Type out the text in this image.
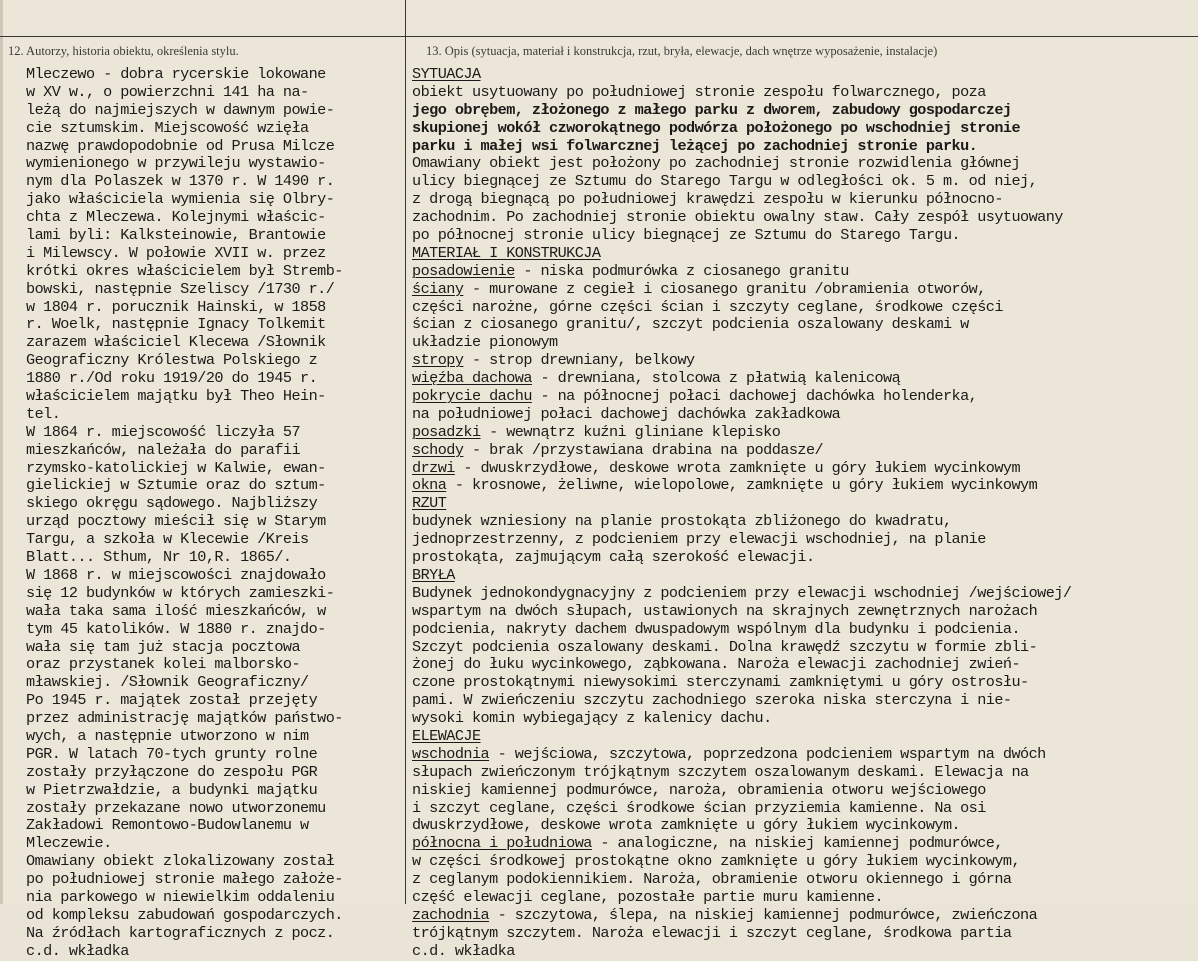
12. Autorzy, historia obiektu, określenia stylu.	13. Opis (sytuacja, materiał i konstrukcja, rzut, bryła, elewacje, dach wnętrze wyposażenie, instalacje)
Mleczewo - dobra rycerskie lokowane
w XV w., o powierzchni 141 ha na-
leżą do najmiejszych w dawnym powie-
cie sztumskim. Miejscowość wzięła
nazwę prawdopodobnie od Prusa Milcze
wymienionego w przywileju wystawio-
nym dla Polaszek w 1370 r. W 1490 r.
jako właściciela wymienia się Olbry-
chta z Mleczewa. Kolejnymi właścic-
lami byli: Kalksteinowie, Brantowie
i Milewscy. W połowie XVII w. przez
krótki okres właścicielem był Stremb-
bowski, następnie Szeliscy /1730 r./
w 1804 r. porucznik Hainski, w 1858
r. Woelk, następnie Ignacy Tolkemit
zarazem właściciel Klecewa /Słownik
Geograficzny Królestwa Polskiego z
1880 r./Od roku 1919/20 do 1945 r.
właścicielem majątku był Theo Hein-
tel.
W 1864 r. miejscowość liczyła 57
mieszkańców, należała do parafii
rzymsko-katolickiej w Kalwie, ewan-
gielickiej w Sztumie oraz do sztum-
skiego okręgu sądowego. Najbliższy
urząd pocztowy mieścił się w Starym
Targu, a szkoła w Klecewie /Kreis
Blatt... Sthum, Nr 10,R. 1865/.
W 1868 r. w miejscowości znajdowało
się 12 budynków w których zamieszki-
wała taka sama ilość mieszkańców, w
tym 45 katolików. W 1880 r. znajdo-
wała się tam już stacja pocztowa
oraz przystanek kolei malborsko-
mławskiej. /Słownik Geograficzny/
Po 1945 r. majątek został przejęty
przez administrację majątków państwo-
wych, a następnie utworzono w nim
PGR. W latach 70-tych grunty rolne
zostały przyłączone do zespołu PGR
w Pietrzwałdzie, a budynki majątku
zostały przekazane nowo utworzonemu
Zakładowi Remontowo-Budowlanemu w
Mleczewie.
Omawiany obiekt zlokalizowany został
po południowej stronie małego założe-
nia parkowego w niewielkim oddaleniu
od kompleksu zabudowań gospodarczych.
Na źródłach kartograficznych z pocz.
c.d. wkładka
SYTUACJA
obiekt usytuowany po południowej stronie zespołu folwarcznego, poza
jego obrębem, złożonego z małego parku z dworem, zabudowy gospodarczej
skupionej wokół czworokątnego podwórza położonego po wschodniej stronie
parku i małej wsi folwarcznej leżącej po zachodniej stronie parku.
Omawiany obiekt jest położony po zachodniej stronie rozwidlenia głównej
ulicy biegnącej ze Sztumu do Starego Targu w odległości ok. 5 m. od niej,
z drogą biegnącą po południowej krawędzi zespołu w kierunku północno-
zachodnim. Po zachodniej stronie obiektu owalny staw. Cały zespół usytuowany
po północnej stronie ulicy biegnącej ze Sztumu do Starego Targu.
MATERIAŁ I KONSTRUKCJA
posadowienie - niska podmurówka z ciosanego granitu
ściany - murowane z cegieł i ciosanego granitu /obramienia otworów,
części narożne, górne części ścian i szczyty ceglane, środkowe części
ścian z ciosanego granitu/, szczyt podcienia oszalowany deskami w
układzie pionowym
stropy - strop drewniany, belkowy
więźba dachowa - drewniana, stolcowa z płatwią kalenicową
pokrycie dachu - na północnej połaci dachowej dachówka holenderka,
na południowej połaci dachowej dachówka zakładkowa
posadzki - wewnątrz kuźni gliniane klepisko
schody - brak /przystawiana drabina na poddasze/
drzwi - dwuskrzydłowe, deskowe wrota zamknięte u góry łukiem wycinkowym
okna - krosnowe, żeliwne, wielopolowe, zamknięte u góry łukiem wycinkowym
RZUT
budynek wzniesiony na planie prostokąta zbliżonego do kwadratu,
jednoprzestrzenny, z podcieniem przy elewacji wschodniej, na planie
prostokąta, zajmującym całą szerokość elewacji.
BRYŁA
Budynek jednokondygnacyjny z podcieniem przy elewacji wschodniej /wejściowej/
wspartym na dwóch słupach, ustawionych na skrajnych zewnętrznych narożach
podcienia, nakryty dachem dwuspadowym wspólnym dla budynku i podcienia.
Szczyt podcienia oszalowany deskami. Dolna krawędź szczytu w formie zbli-
żonej do łuku wycinkowego, ząbkowana. Naroża elewacji zachodniej zwień-
czone prostokątnymi niewysokimi sterczynami zamkniętymi u góry ostrosłu-
pami. W zwieńczeniu szczytu zachodniego szeroka niska sterczyna i nie-
wysoki komin wybiegający z kalenicy dachu.
ELEWACJE
wschodnia - wejściowa, szczytowa, poprzedzona podcieniem wspartym na dwóch
słupach zwieńczonym trójkątnym szczytem oszalowanym deskami. Elewacja na
niskiej kamiennej podmurówce, naroża, obramienia otworu wejściowego
i szczyt ceglane, części środkowe ścian przyziemia kamienne. Na osi
dwuskrzydłowe, deskowe wrota zamknięte u góry łukiem wycinkowym.
północna i południowa - analogiczne, na niskiej kamiennej podmurówce,
w części środkowej prostokątne okno zamknięte u góry łukiem wycinkowym,
z ceglanym podokiennikiem. Naroża, obramienie otworu okiennego i górna
część elewacji ceglane, pozostałe partie muru kamienne.
zachodnia - szczytowa, ślepa, na niskiej kamiennej podmurówce, zwieńczona
trójkątnym szczytem. Naroża elewacji i szczyt ceglane, środkowa partia
c.d. wkładka
